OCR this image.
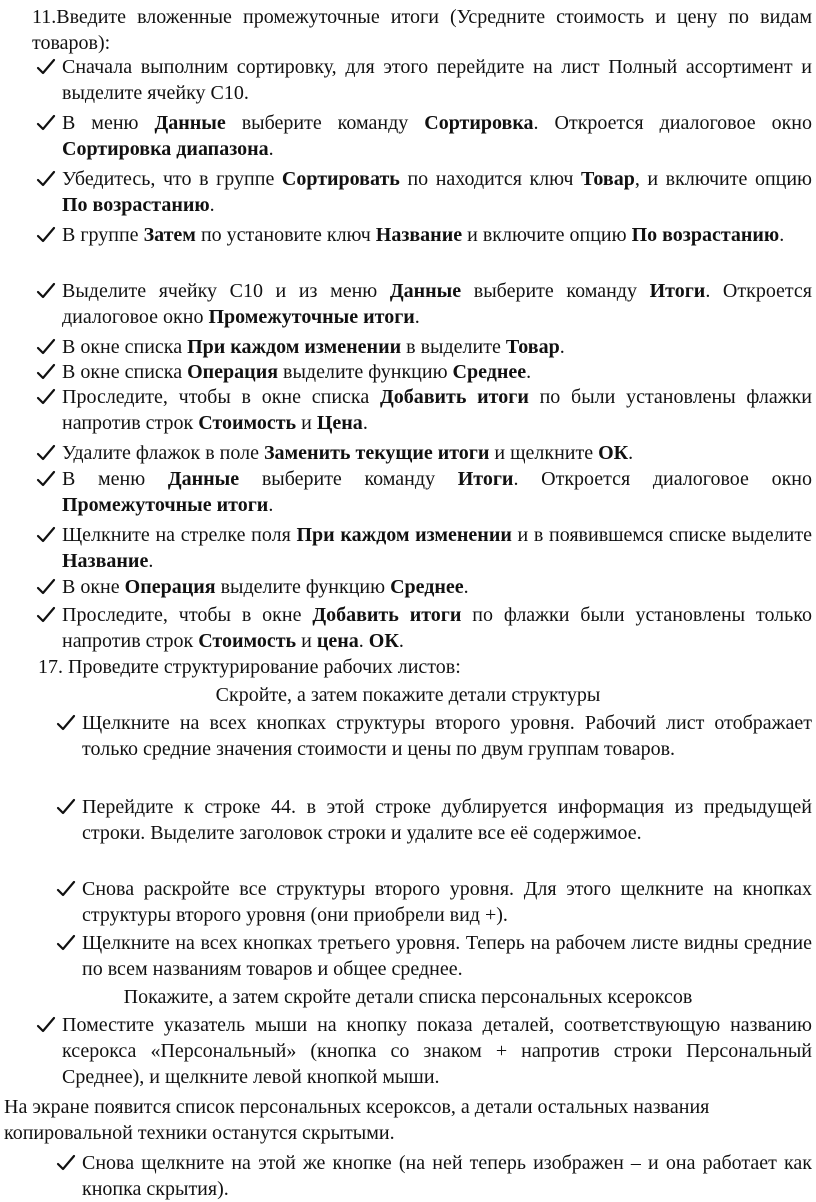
11.Введите вложенные промежуточные итоги (Усредните стоимость и цену по видам товаров):
Сначала выполним сортировку, для этого перейдите на лист Полный ассортимент и выделите ячейку С10.
В меню Данные выберите команду Сортировка. Откроется диалоговое окно Сортировка диапазона.
Убедитесь, что в группе Сортировать по находится ключ Товар, и включите опцию По возрастанию.
В группе Затем по установите ключ Название и включите опцию По возрастанию.
Выделите ячейку С10 и из меню Данные выберите команду Итоги. Откроется диалоговое окно Промежуточные итоги.
В окне списка При каждом изменении в выделите Товар.
В окне списка Операция выделите функцию Среднее.
Проследите, чтобы в окне списка Добавить итоги по были установлены флажки напротив строк Стоимость и Цена.
Удалите флажок в поле Заменить текущие итоги и щелкните ОК.
В меню Данные выберите команду Итоги. Откроется диалоговое окно Промежуточные итоги.
Щелкните на стрелке поля При каждом изменении и в появившемся списке выделите Название.
В окне Операция выделите функцию Среднее.
Проследите, чтобы в окне Добавить итоги по флажки были установлены только напротив строк Стоимость и цена. ОК.
17. Проведите структурирование рабочих листов:
Скройте, а затем покажите детали структуры
Щелкните на всех кнопках структуры второго уровня. Рабочий лист отображает только средние значения стоимости и цены по двум группам товаров.
Перейдите к строке 44. в этой строке дублируется информация из предыдущей строки. Выделите заголовок строки и удалите все её содержимое.
Снова раскройте все структуры второго уровня. Для этого щелкните на кнопках структуры второго уровня (они приобрели вид +).
Щелкните на всех кнопках третьего уровня. Теперь на рабочем листе видны средние по всем названиям товаров и общее среднее.
Покажите, а затем скройте детали списка персональных ксероксов
Поместите указатель мыши на кнопку показа деталей, соответствующую названию ксерокса «Персональный» (кнопка со знаком + напротив строки Персональный Среднее), и щелкните левой кнопкой мыши.
На экране появится список персональных ксероксов, а детали остальных названия копировальной техники останутся скрытыми.
Снова щелкните на этой же кнопке (на ней теперь изображен – и она работает как кнопка скрытия).
